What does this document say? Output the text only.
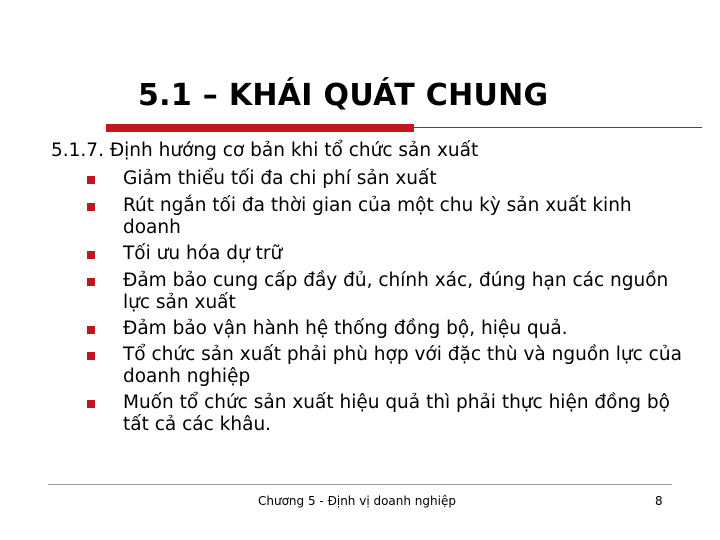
5.1 – KHÁI QUÁT CHUNG
5.1.7. Định hướng cơ bản khi tổ chức sản xuất
Giảm thiểu tối đa chi phí sản xuất
Rút ngắn tối đa thời gian của một chu kỳ sản xuất kinh doanh
Tối ưu hóa dự trữ
Đảm bảo cung cấp đầy đủ, chính xác, đúng hạn các nguồn lực sản xuất
Đảm bảo vận hành hệ thống đồng bộ, hiệu quả.
Tổ chức sản xuất phải phù hợp với đặc thù và nguồn lực của doanh nghiệp
Muốn tổ chức sản xuất hiệu quả thì phải thực hiện đồng bộ tất cả các khâu.
Chương 5 - Định vị doanh nghiệp	8
